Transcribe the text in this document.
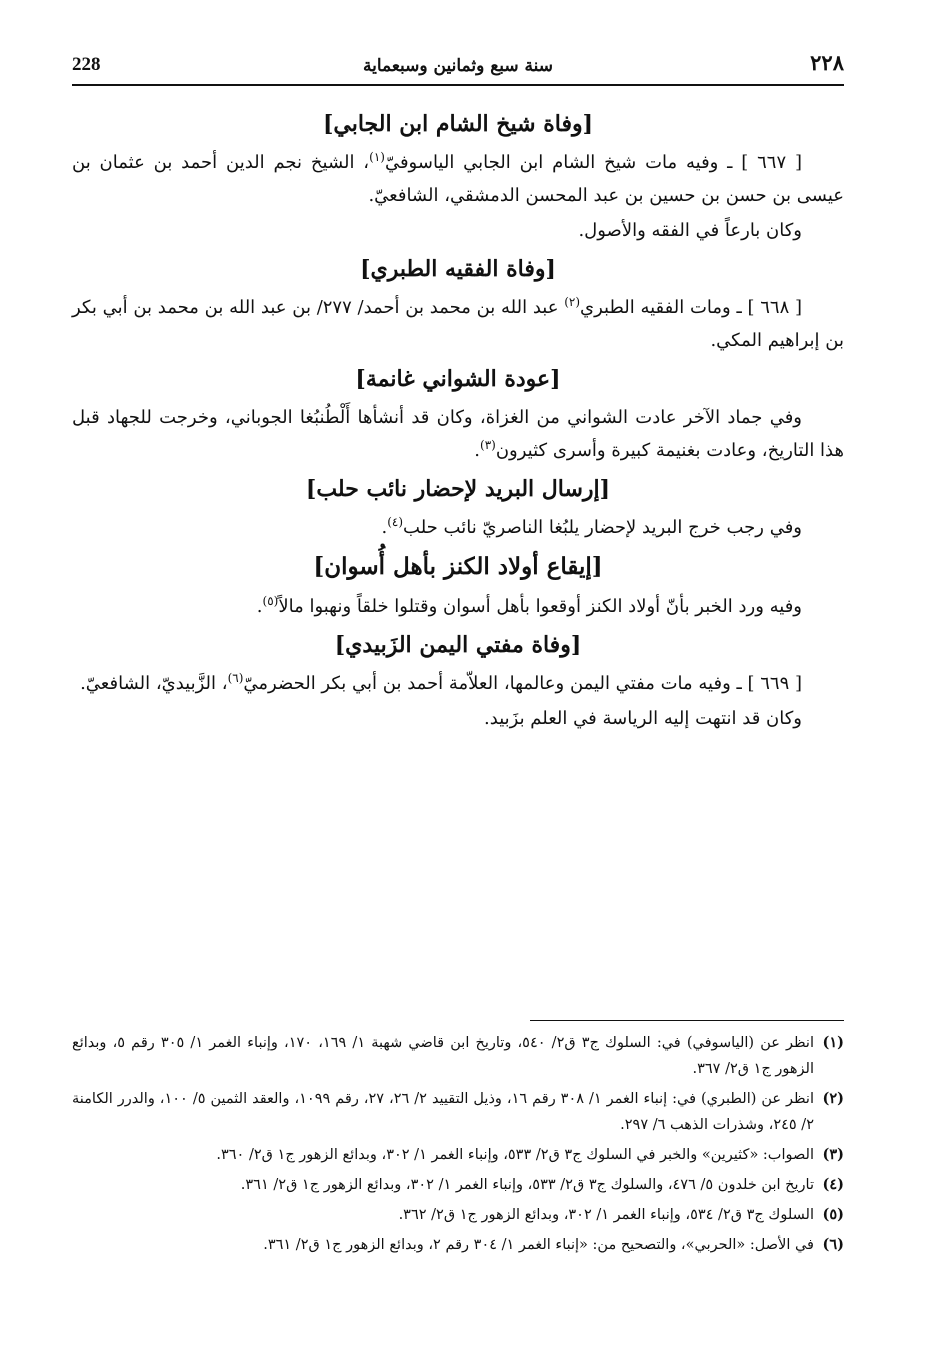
228	سنة سبع وثمانين وسبعماية	٢٢٨
[وفاة شيخ الشام ابن الجابي]

[ ٦٦٧ ] ـ وفيه مات شيخ الشام ابن الجابي الياسوفيّ$^{(١)}$، الشيخ نجم الدين أحمد بن عثمان بن عيسى بن حسن بن حسين بن عبد المحسن الدمشقي، الشافعيّ.

وكان بارعاً في الفقه والأصول.

[وفاة الفقيه الطبري]

[ ٦٦٨ ] ـ ومات الفقيه الطبري$^{(٢)}$ عبد الله بن محمد بن أحمد/ ٢٧٧/ بن عبد الله بن محمد بن أبي بكر بن إبراهيم المكي.

[عودة الشواني غانمة]

وفي جماد الآخر عادت الشواني من الغزاة، وكان قد أنشأها أَلْطُنبُغا الجوباني، وخرجت للجهاد قبل هذا التاريخ، وعادت بغنيمة كبيرة وأسرى كثيرون$^{(٣)}$.

[إرسال البريد لإحضار نائب حلب]

وفي رجب خرج البريد لإحضار يلبُغا الناصريّ نائب حلب$^{(٤)}$.

[إيقاع أولاد الكنز بأهل أُسوان]

وفيه ورد الخبر بأنّ أولاد الكنز أوقعوا بأهل أسوان وقتلوا خلقاً ونهبوا مالاً$^{(٥)}$.

[وفاة مفتي اليمن الزَبيدي]

[ ٦٦٩ ] ـ وفيه مات مفتي اليمن وعالمها، العلاّمة أحمد بن أبي بكر الحضرميّ$^{(٦)}$، الزَّبيديّ، الشافعيّ.

وكان قد انتهت إليه الرياسة في العلم بزَبيد.

(١)
انظر عن (الياسوفي) في: السلوك ج٣ ق٢/ ٥٤٠، وتاريخ ابن قاضي شهبة ١/ ١٦٩، ١٧٠، وإنباء الغمر ١/ ٣٠٥ رقم ٥، وبدائع الزهور ج١ ق٢/ ٣٦٧.
(٢)
انظر عن (الطبري) في: إنباء الغمر ١/ ٣٠٨ رقم ١٦، وذيل التقييد ٢/ ٢٦، ٢٧، رقم ١٠٩٩، والعقد الثمين ٥/ ١٠٠، والدرر الكامنة ٢/ ٢٤٥، وشذرات الذهب ٦/ ٢٩٧.
(٣)
الصواب: «كثيرين» والخبر في السلوك ج٣ ق٢/ ٥٣٣، وإنباء الغمر ١/ ٣٠٢، وبدائع الزهور ج١ ق٢/ ٣٦٠.
(٤)
تاريخ ابن خلدون ٥/ ٤٧٦، والسلوك ج٣ ق٢/ ٥٣٣، وإنباء الغمر ١/ ٣٠٢، وبدائع الزهور ج١ ق٢/ ٣٦١.
(٥)
السلوك ج٣ ق٢/ ٥٣٤، وإنباء الغمر ١/ ٣٠٢، وبدائع الزهور ج١ ق٢/ ٣٦٢.
(٦)
في الأصل: «الحربي»، والتصحيح من: «إنباء الغمر ١/ ٣٠٤ رقم ٢، وبدائع الزهور ج١ ق٢/ ٣٦١.
